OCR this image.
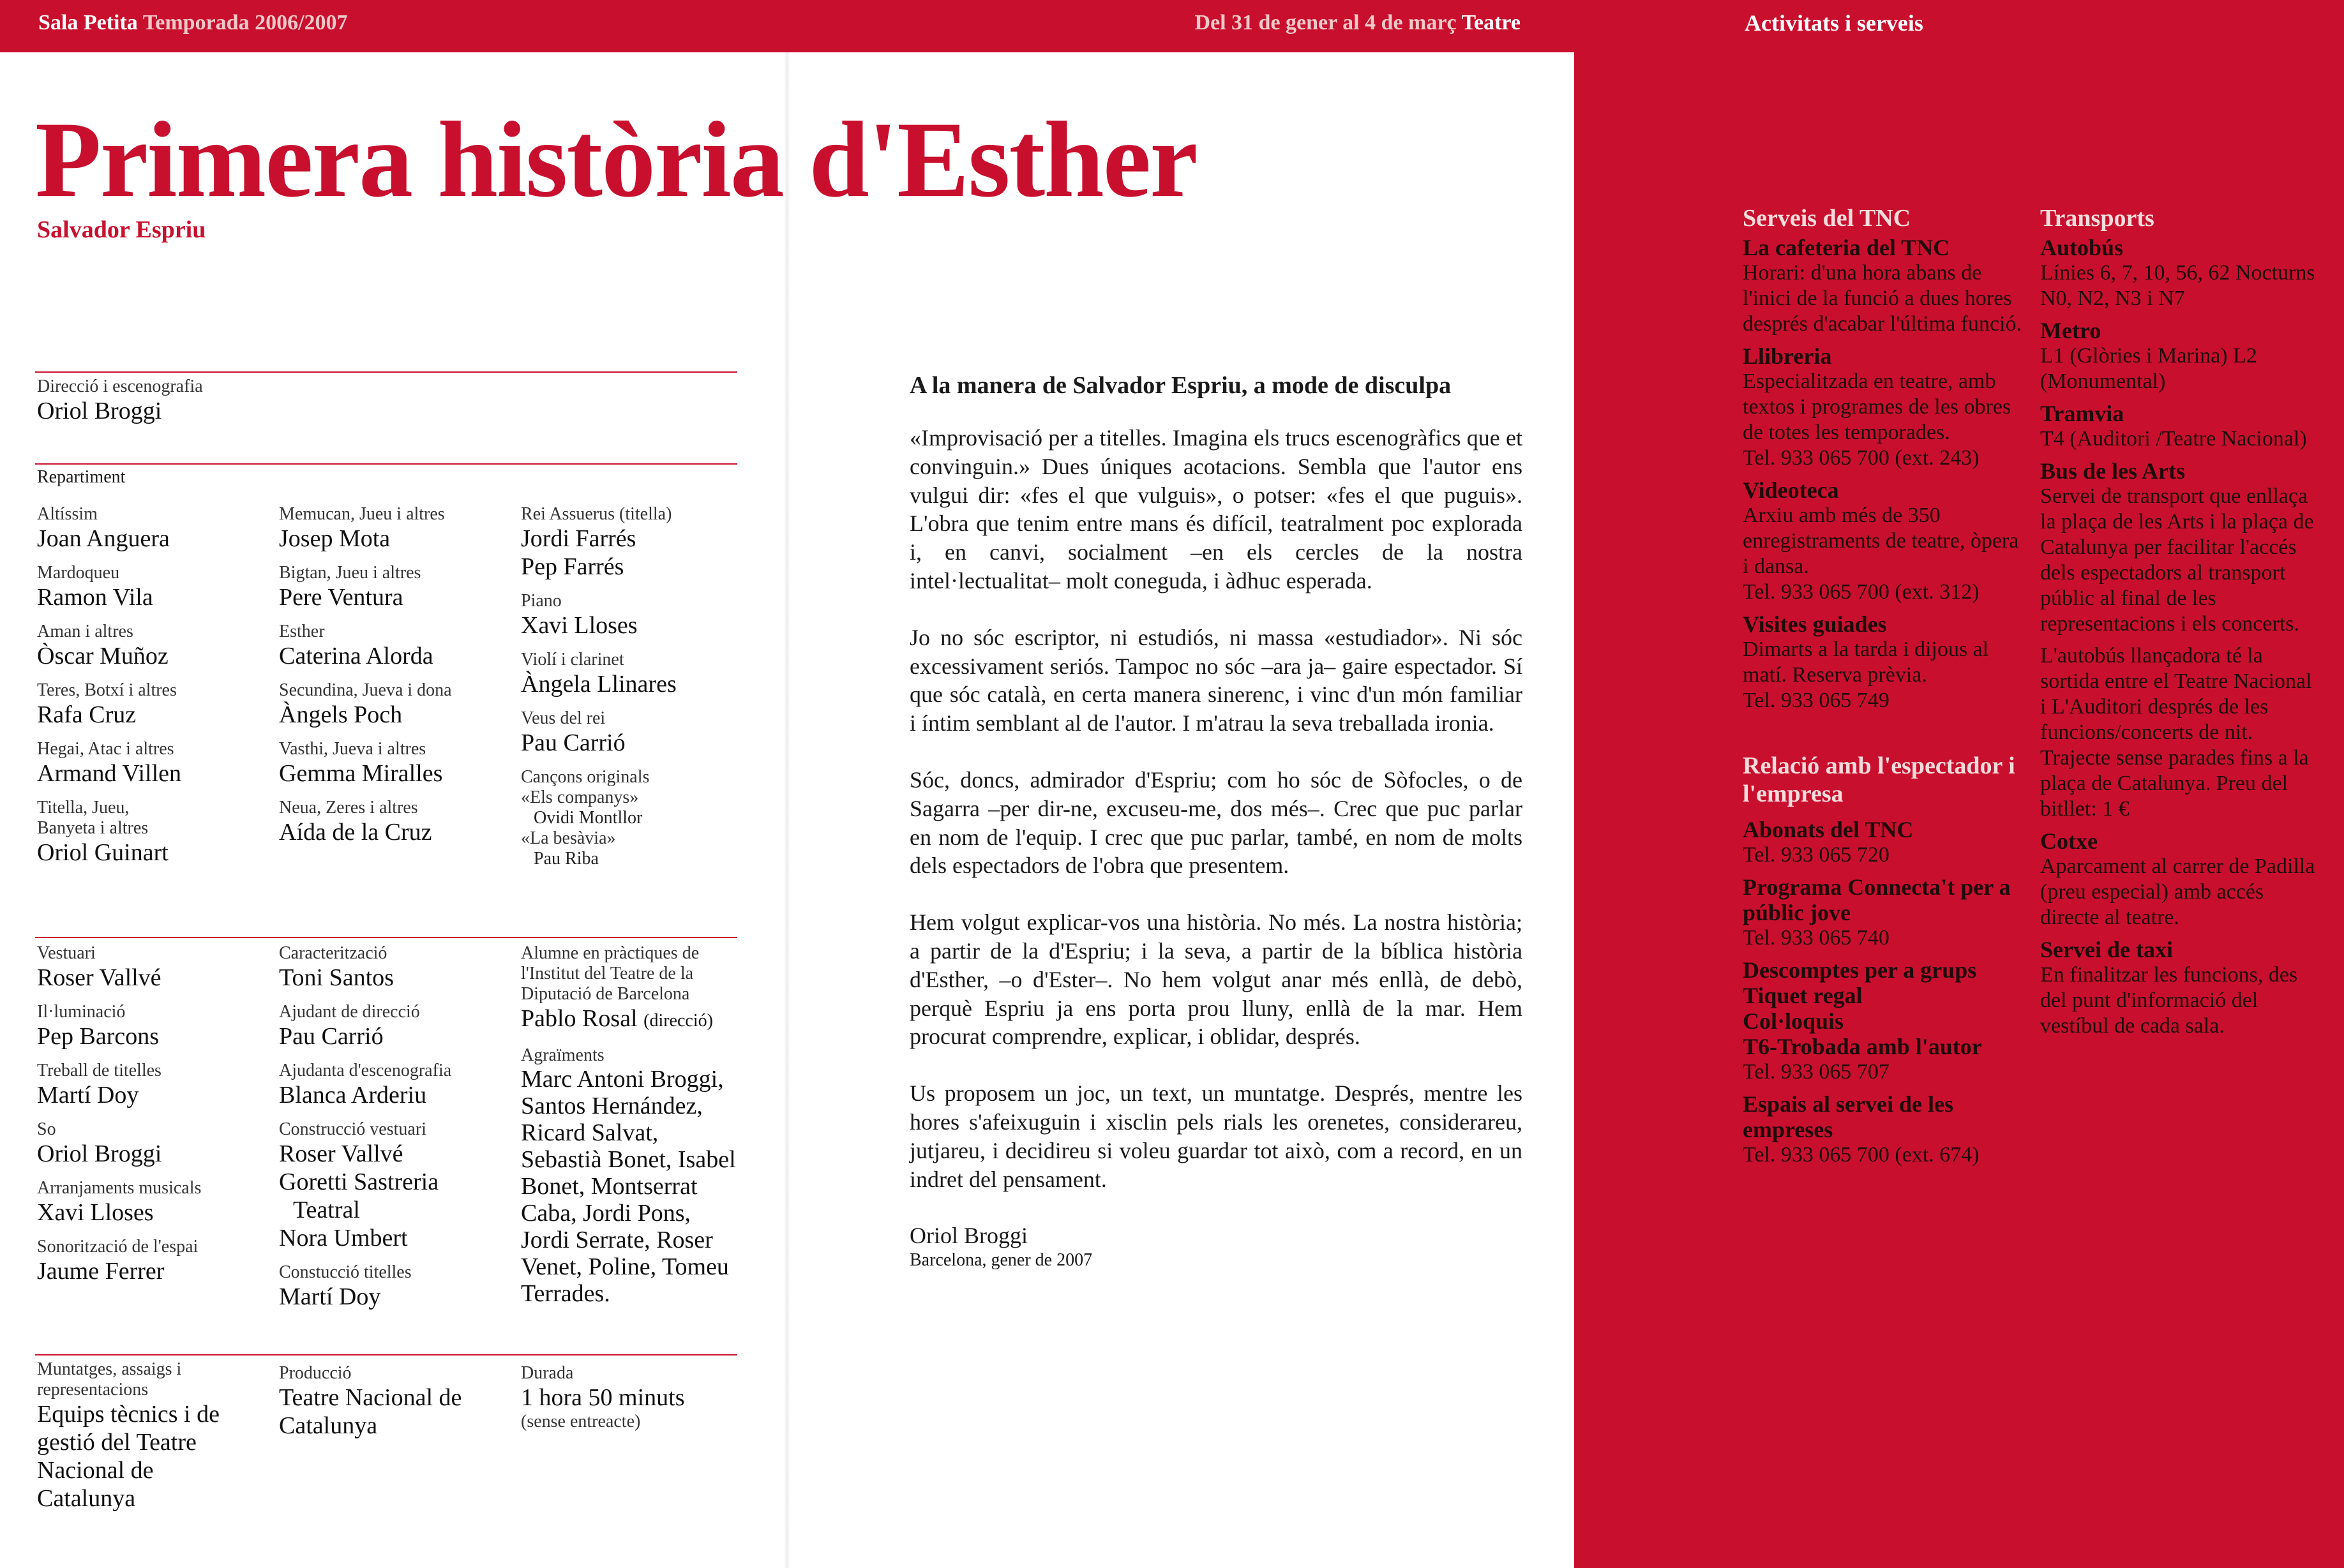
Sala Petita Temporada 2006/2007	Del 31 de gener al 4 de març Teatre	Activitats i serveis
Primera història d'Esther
Salvador Espriu
Direcció i escenografia
Oriol Broggi
Repartiment
Altíssim
Joan Anguera
Mardoqueu
Ramon Vila
Aman i altres
Òscar Muñoz
Teres, Botxí i altres
Rafa Cruz
Hegai, Atac i altres
Armand Villen
Titella, Jueu, Banyeta i altres
Oriol Guinart
Memucan, Jueu i altres
Josep Mota
Bigtan, Jueu i altres
Pere Ventura
Esther
Caterina Alorda
Secundina, Jueva i dona
Àngels Poch
Vasthi, Jueva i altres
Gemma Miralles
Neua, Zeres i altres
Aída de la Cruz
Rei Assuerus (titella)
Jordi Farrés
Pep Farrés
Piano
Xavi Lloses
Violí i clarinet
Àngela Llinares
Veus del rei
Pau Carrió
Cançons originals
«Els companys»
Ovidi Montllor
«La besàvia»
Pau Riba
Vestuari
Roser Vallvé
Il·luminació
Pep Barcons
Treball de titelles
Martí Doy
So
Oriol Broggi
Arranjaments musicals
Xavi Lloses
Sonorització de l'espai
Jaume Ferrer
Caracterització
Toni Santos
Ajudant de direcció
Pau Carrió
Ajudanta d'escenografia
Blanca Arderiu
Construcció vestuari
Roser Vallvé
Goretti Sastreria
Teatral
Nora Umbert
Constucció titelles
Martí Doy
Alumne en pràctiques de l'Institut del Teatre de la Diputació de Barcelona
Pablo Rosal (direcció)
Agraïments
Marc Antoni Broggi, Santos Hernández, Ricard Salvat, Sebastià Bonet, Isabel Bonet, Montserrat Caba, Jordi Pons, Jordi Serrate, Roser Venet, Poline, Tomeu Terrades.
Muntatges, assaigs i representacions
Equips tècnics i de gestió del Teatre Nacional de Catalunya
Producció
Teatre Nacional de Catalunya
Durada
1 hora 50 minuts
(sense entreacte)
A la manera de Salvador Espriu, a mode de disculpa

«Improvisació per a titelles. Imagina els trucs escenogràfics que et convinguin.» Dues úniques acotacions. Sembla que l'autor ens vulgui dir: «fes el que vulguis», o potser: «fes el que puguis». L'obra que tenim entre mans és difícil, teatralment poc explorada i, en canvi, socialment –en els cercles de la nostra intel·lectualitat– molt coneguda, i àdhuc esperada.

Jo no sóc escriptor, ni estudiós, ni massa «estudiador». Ni sóc excessivament seriós. Tampoc no sóc –ara ja– gaire espectador. Sí que sóc català, en certa manera sinerenc, i vinc d'un món familiar i íntim semblant al de l'autor. I m'atrau la seva treballada ironia.

Sóc, doncs, admirador d'Espriu; com ho sóc de Sòfocles, o de Sagarra –per dir-ne, excuseu-me, dos més–. Crec que puc parlar en nom de l'equip. I crec que puc parlar, també, en nom de molts dels espectadors de l'obra que presentem.

Hem volgut explicar-vos una història. No més. La nostra història; a partir de la d'Espriu; i la seva, a partir de la bíblica història d'Esther, –o d'Ester–. No hem volgut anar més enllà, de debò, perquè Espriu ja ens porta prou lluny, enllà de la mar. Hem procurat comprendre, explicar, i oblidar, després.

Us proposem un joc, un text, un muntatge. Després, mentre les hores s'afeixuguin i xisclin pels rials les orenetes, considerareu, jutjareu, i decidireu si voleu guardar tot això, com a record, en un indret del pensament.

Oriol Broggi

Barcelona, gener de 2007

Serveis del TNC
La cafeteria del TNC

Horari: d'una hora abans de l'inici de la funció a dues hores després d'acabar l'última funció.

Llibreria

Especialitzada en teatre, amb textos i programes de les obres de totes les temporades.

Tel. 933 065 700 (ext. 243)

Videoteca

Arxiu amb més de 350 enregistraments de teatre, òpera i dansa.

Tel. 933 065 700 (ext. 312)

Visites guiades

Dimarts a la tarda i dijous al matí. Reserva prèvia.

Tel. 933 065 749

Relació amb l'espectador i l'empresa
Abonats del TNC

Tel. 933 065 720

Programa Connecta't per a públic jove

Tel. 933 065 740

Descomptes per a grups
Tiquet regal
Col·loquis
T6-Trobada amb l'autor

Tel. 933 065 707

Espais al servei de les empreses

Tel. 933 065 700 (ext. 674)

Transports
Autobús

Línies 6, 7, 10, 56, 62 Nocturns N0, N2, N3 i N7

Metro

L1 (Glòries i Marina) L2 (Monumental)

Tramvia

T4 (Auditori /Teatre Nacional)

Bus de les Arts

Servei de transport que enllaça la plaça de les Arts i la plaça de Catalunya per facilitar l'accés dels espectadors al transport públic al final de les representacions i els concerts.

L'autobús llançadora té la sortida entre el Teatre Nacional i L'Auditori després de les funcions/concerts de nit. Trajecte sense parades fins a la plaça de Catalunya. Preu del bitllet: 1 €

Cotxe

Aparcament al carrer de Padilla (preu especial) amb accés directe al teatre.

Servei de taxi

En finalitzar les funcions, des del punt d'informació del vestíbul de cada sala.
